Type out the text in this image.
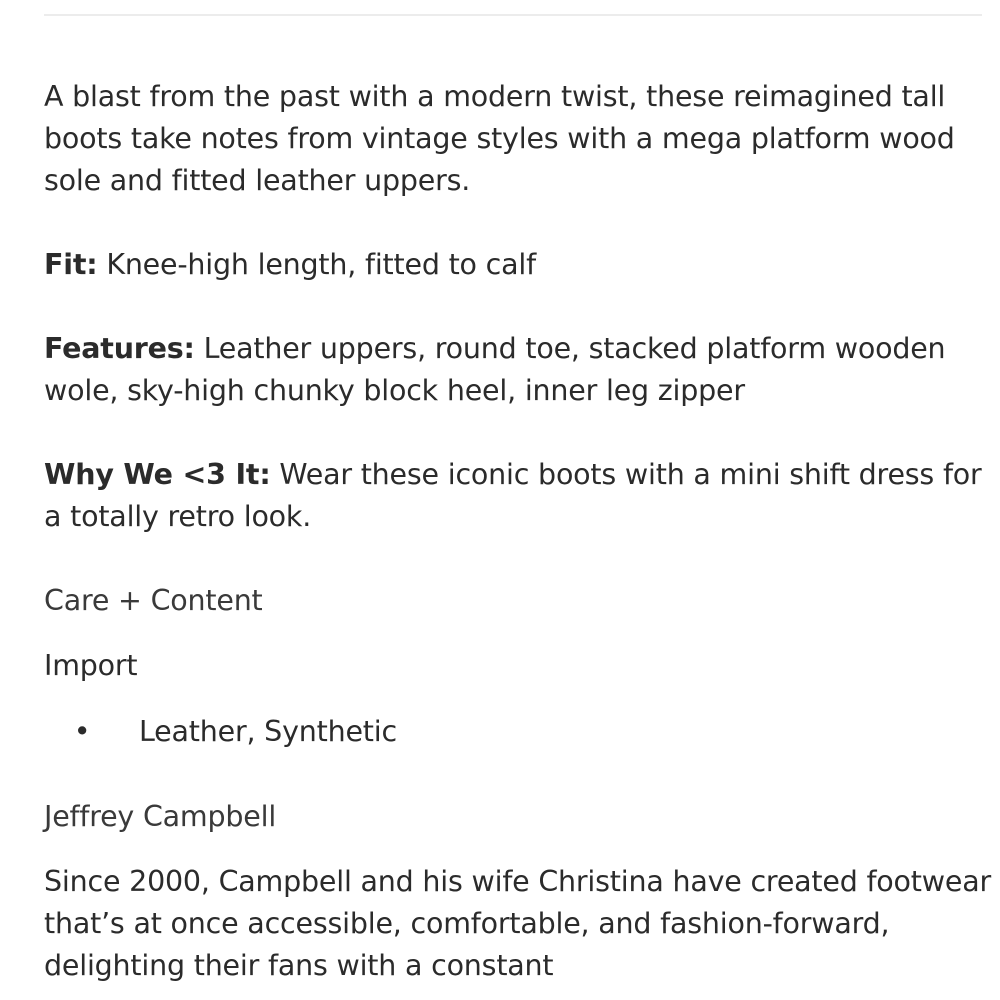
A blast from the past with a modern twist, these reimagined tall boots take notes from vintage styles with a mega platform wood sole and fitted leather uppers.

Fit: Knee-high length, fitted to calf

Features: Leather uppers, round toe, stacked platform wooden wole, sky-high chunky block heel, inner leg zipper

Why We <3 It: Wear these iconic boots with a mini shift dress for a totally retro look.

Care + Content

Import

• Leather, Synthetic

Jeffrey Campbell

Since 2000, Campbell and his wife Christina have created footwear that’s at once accessible, comfortable, and fashion-forward, delighting their fans with a constant
